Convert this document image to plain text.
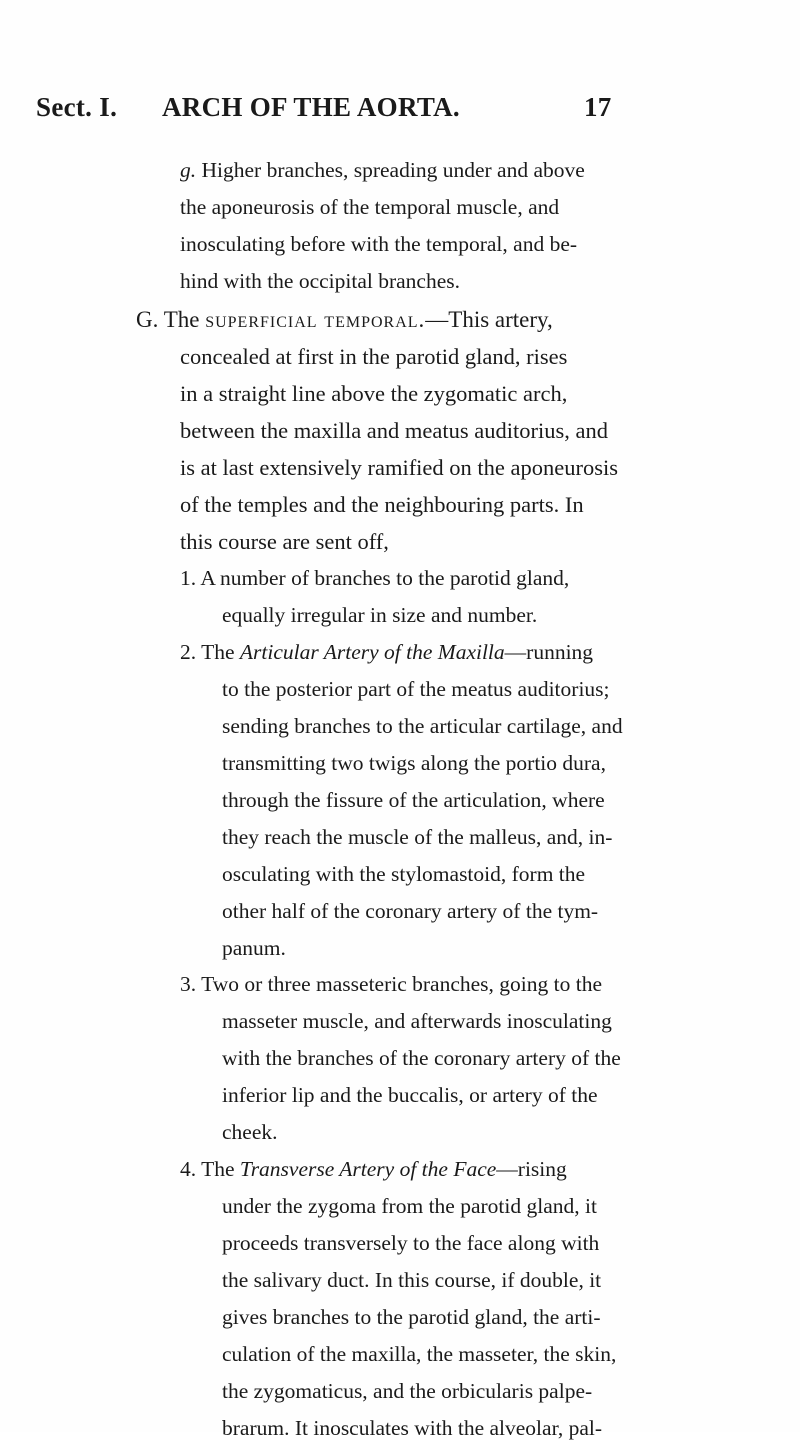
Sect. I. ARCH OF THE AORTA.	17
g. Higher branches, spreading under and above
the aponeurosis of the temporal muscle, and
inosculating before with the temporal, and be-
hind with the occipital branches.
G. The superficial temporal.—This artery,
concealed at first in the parotid gland, rises
in a straight line above the zygomatic arch,
between the maxilla and meatus auditorius, and
is at last extensively ramified on the aponeurosis
of the temples and the neighbouring parts. In
this course are sent off,
1. A number of branches to the parotid gland,
equally irregular in size and number.
2. The Articular Artery of the Maxilla—running
to the posterior part of the meatus auditorius;
sending branches to the articular cartilage, and
transmitting two twigs along the portio dura,
through the fissure of the articulation, where
they reach the muscle of the malleus, and, in-
osculating with the stylomastoid, form the
other half of the coronary artery of the tym-
panum.
3. Two or three masseteric branches, going to the
masseter muscle, and afterwards inosculating
with the branches of the coronary artery of the
inferior lip and the buccalis, or artery of the
cheek.
4. The Transverse Artery of the Face—rising
under the zygoma from the parotid gland, it
proceeds transversely to the face along with
the salivary duct. In this course, if double, it
gives branches to the parotid gland, the arti-
culation of the maxilla, the masseter, the skin,
the zygomaticus, and the orbicularis palpe-
brarum. It inosculates with the alveolar, pal-
